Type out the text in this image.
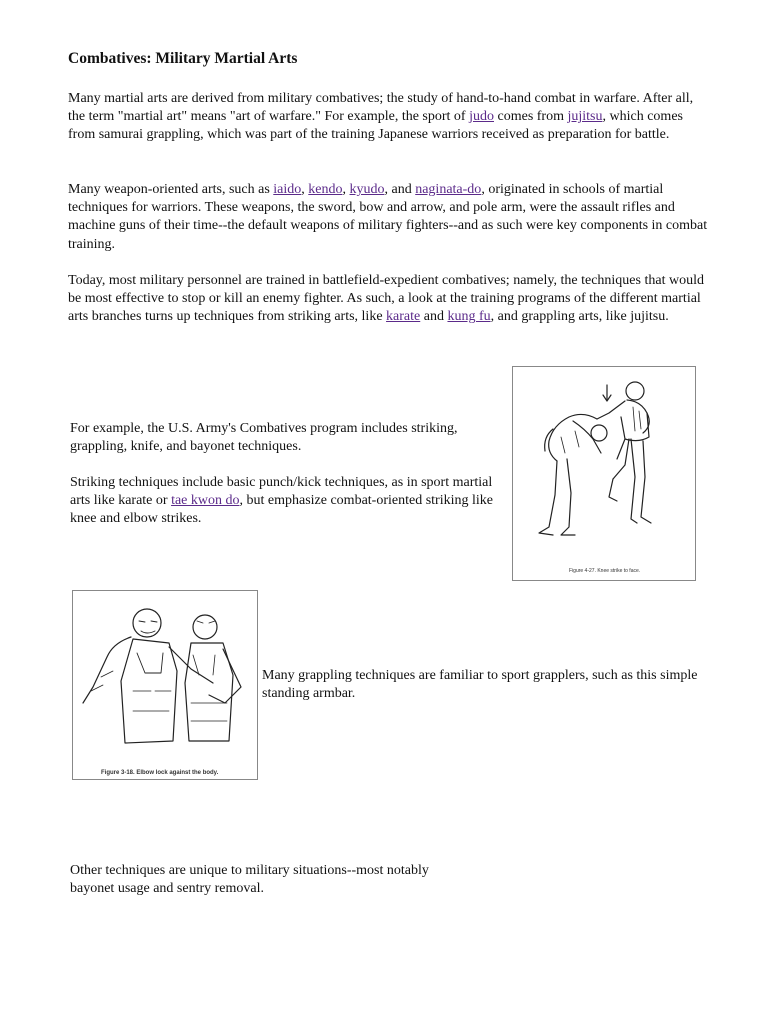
Combatives: Military Martial Arts

Many martial arts are derived from military combatives; the study of hand-to-hand combat in warfare. After all, the term "martial art" means "art of warfare." For example, the sport of judo comes from jujitsu, which comes from samurai grappling, which was part of the training Japanese warriors received as preparation for battle.

Many weapon-oriented arts, such as iaido, kendo, kyudo, and naginata-do, originated in schools of martial techniques for warriors. These weapons, the sword, bow and arrow, and pole arm, were the assault rifles and machine guns of their time--the default weapons of military fighters--and as such were key components in combat training.

Today, most military personnel are trained in battlefield-expedient combatives; namely, the techniques that would be most effective to stop or kill an enemy fighter. As such, a look at the training programs of the different martial arts branches turns up techniques from striking arts, like karate and kung fu, and grappling arts, like jujitsu.

For example, the U.S. Army's Combatives program includes striking, grappling, knife, and bayonet techniques.

Striking techniques include basic punch/kick techniques, as in sport martial arts like karate or tae kwon do, but emphasize combat-oriented striking like knee and elbow strikes.

Figure 4-27. Knee strike to face.
Figure 3-18. Elbow lock against the body.

Many grappling techniques are familiar to sport grapplers, such as this simple standing armbar.

Other techniques are unique to military situations--most notably bayonet usage and sentry removal.
